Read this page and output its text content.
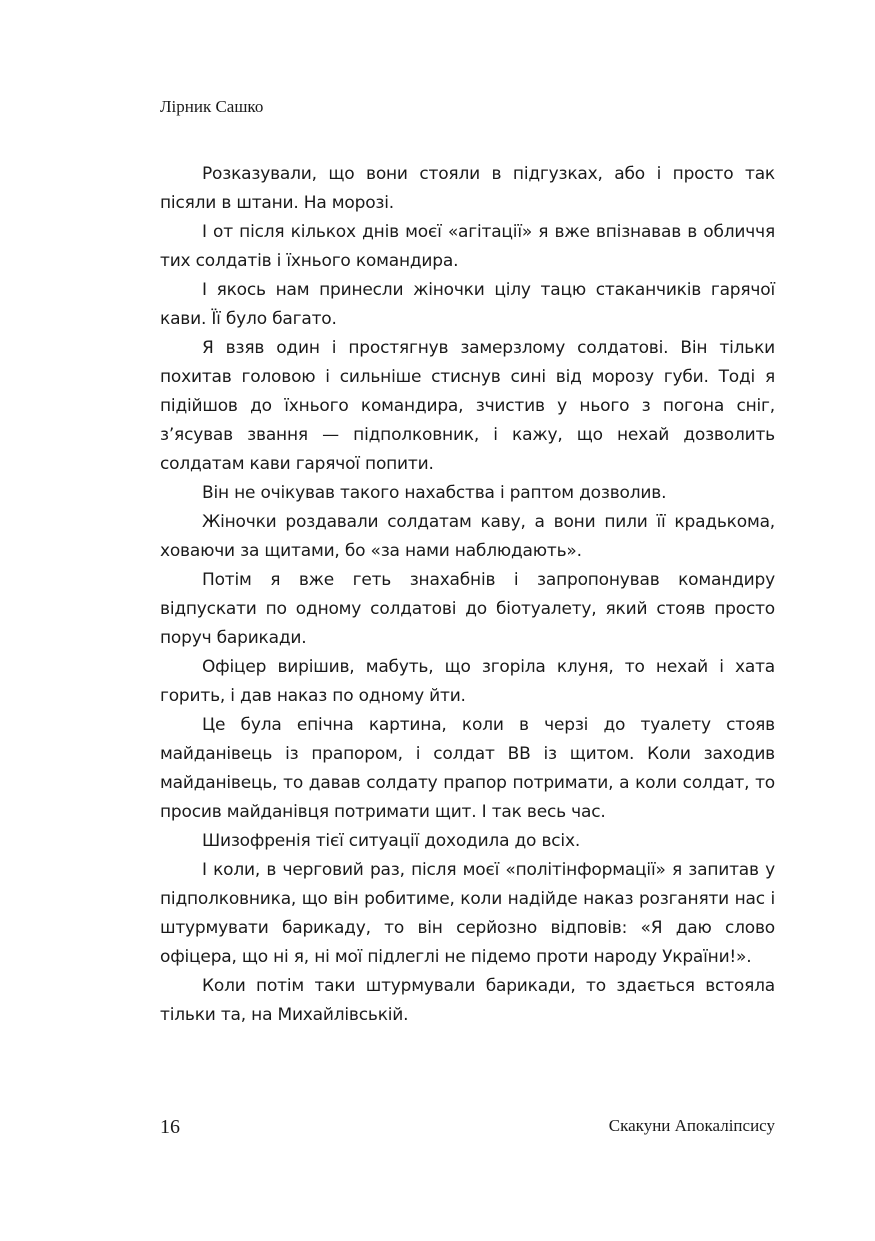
Лірник Сашко

Розказували, що вони стояли в підгузках, або і просто так пісяли в штани. На морозі.

І от після кількох днів моєї «агітації» я вже впізнавав в обличчя тих солдатів і їхнього командира.

І якось нам принесли жіночки цілу тацю стаканчиків гарячої кави. Її було багато.

Я взяв один і простягнув замерзлому солдатові. Він тільки похитав головою і сильніше стиснув сині від морозу губи. Тоді я підійшов до їхнього командира, зчистив у нього з погона сніг, з’ясував звання — підполковник, і кажу, що нехай дозволить солдатам кави гарячої попити.

Він не очікував такого нахабства і раптом дозволив.

Жіночки роздавали солдатам каву, а вони пили її крадькома, ховаючи за щитами, бо «за нами наблюдають».

Потім я вже геть знахабнів і запропонував командиру відпускати по одному солдатові до біотуалету, який стояв просто поруч барикади.

Офіцер вирішив, мабуть, що згоріла клуня, то нехай і хата горить, і дав наказ по одному йти.

Це була епічна картина, коли в черзі до туалету стояв майданівець із прапором, і солдат ВВ із щитом. Коли заходив майданівець, то давав солдату прапор потримати, а коли солдат, то просив майданівця потримати щит. І так весь час.

Шизофренія тієї ситуації доходила до всіх.

І коли, в черговий раз, після моєї «політінформації» я запитав у підполковника, що він робитиме, коли надійде наказ розганяти нас і штурмувати барикаду, то він серйозно відповів: «Я даю слово офіцера, що ні я, ні мої підлеглі не підемо проти народу України!».

Коли потім таки штурмували барикади, то здається встояла тільки та, на Михайлівській.

16	Скакуни Апокаліпсису
